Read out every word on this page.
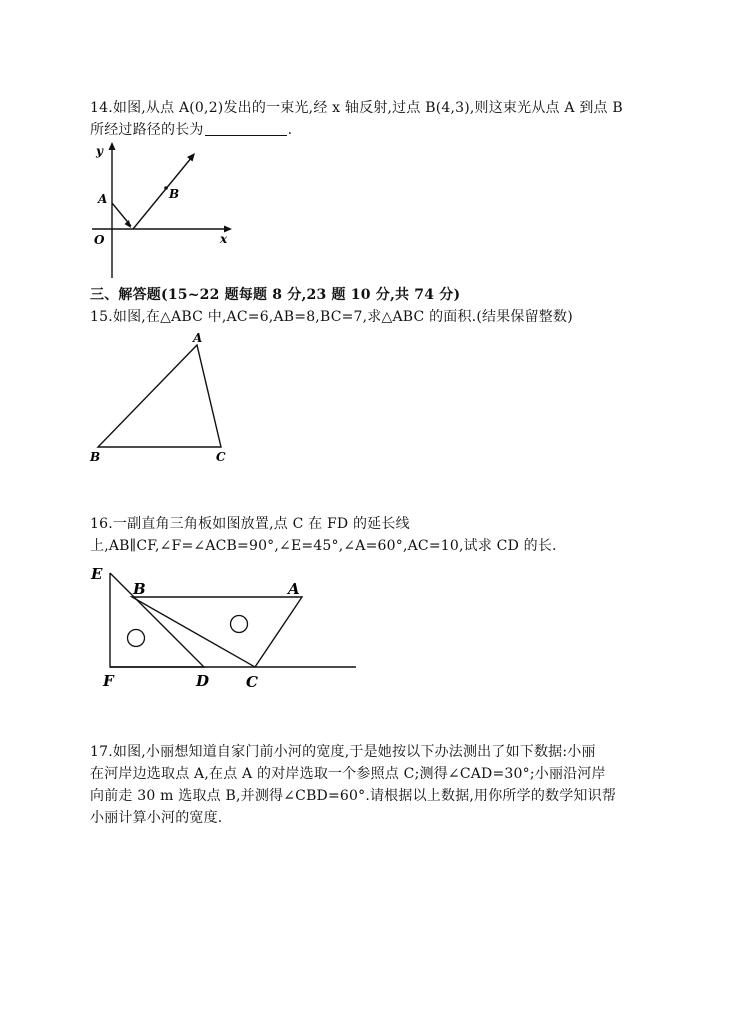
14.如图,从点 A(0,2)发出的一束光,经 x 轴反射,过点 B(4,3),则这束光从点 A 到点 B
所经过路径的长为	.
y
x
O
A	B
三、解答题(15~22 题每题 8 分,23 题 10 分,共 74 分)
15.如图,在△ABC 中,AC=6,AB=8,BC=7,求△ABC 的面积.(结果保留整数)
A
B	C
16.一副直角三角板如图放置,点 C 在 FD 的延长线
上,AB∥CF,∠F=∠ACB=90°,∠E=45°,∠A=60°,AC=10,试求 CD 的长.
E
B	A
F	D C
17.如图,小丽想知道自家门前小河的宽度,于是她按以下办法测出了如下数据:小丽
在河岸边选取点 A,在点 A 的对岸选取一个参照点 C;测得∠CAD=30°;小丽沿河岸
向前走 30 m 选取点 B,并测得∠CBD=60°.请根据以上数据,用你所学的数学知识帮
小丽计算小河的宽度.
